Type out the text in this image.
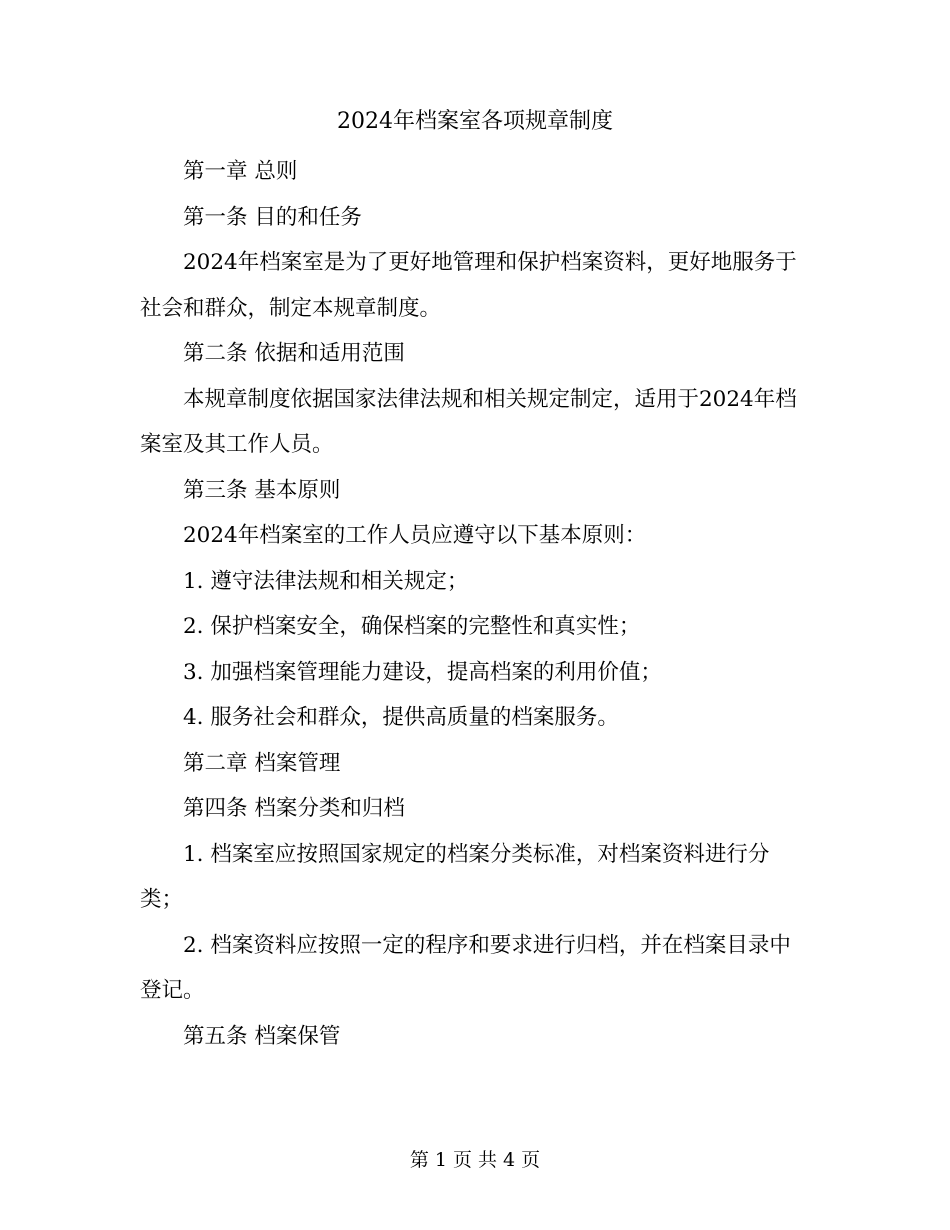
2024年档案室各项规章制度

第一章 总则

第一条 目的和任务

2024年档案室是为了更好地管理和保护档案资料，更好地服务于社会和群众，制定本规章制度。

第二条 依据和适用范围

本规章制度依据国家法律法规和相关规定制定，适用于2024年档案室及其工作人员。

第三条 基本原则

2024年档案室的工作人员应遵守以下基本原则：

1. 遵守法律法规和相关规定；

2. 保护档案安全，确保档案的完整性和真实性；

3. 加强档案管理能力建设，提高档案的利用价值；

4. 服务社会和群众，提供高质量的档案服务。

第二章 档案管理

第四条 档案分类和归档

1. 档案室应按照国家规定的档案分类标准，对档案资料进行分类；

2. 档案资料应按照一定的程序和要求进行归档，并在档案目录中登记。

第五条 档案保管

第 1 页 共 4 页
